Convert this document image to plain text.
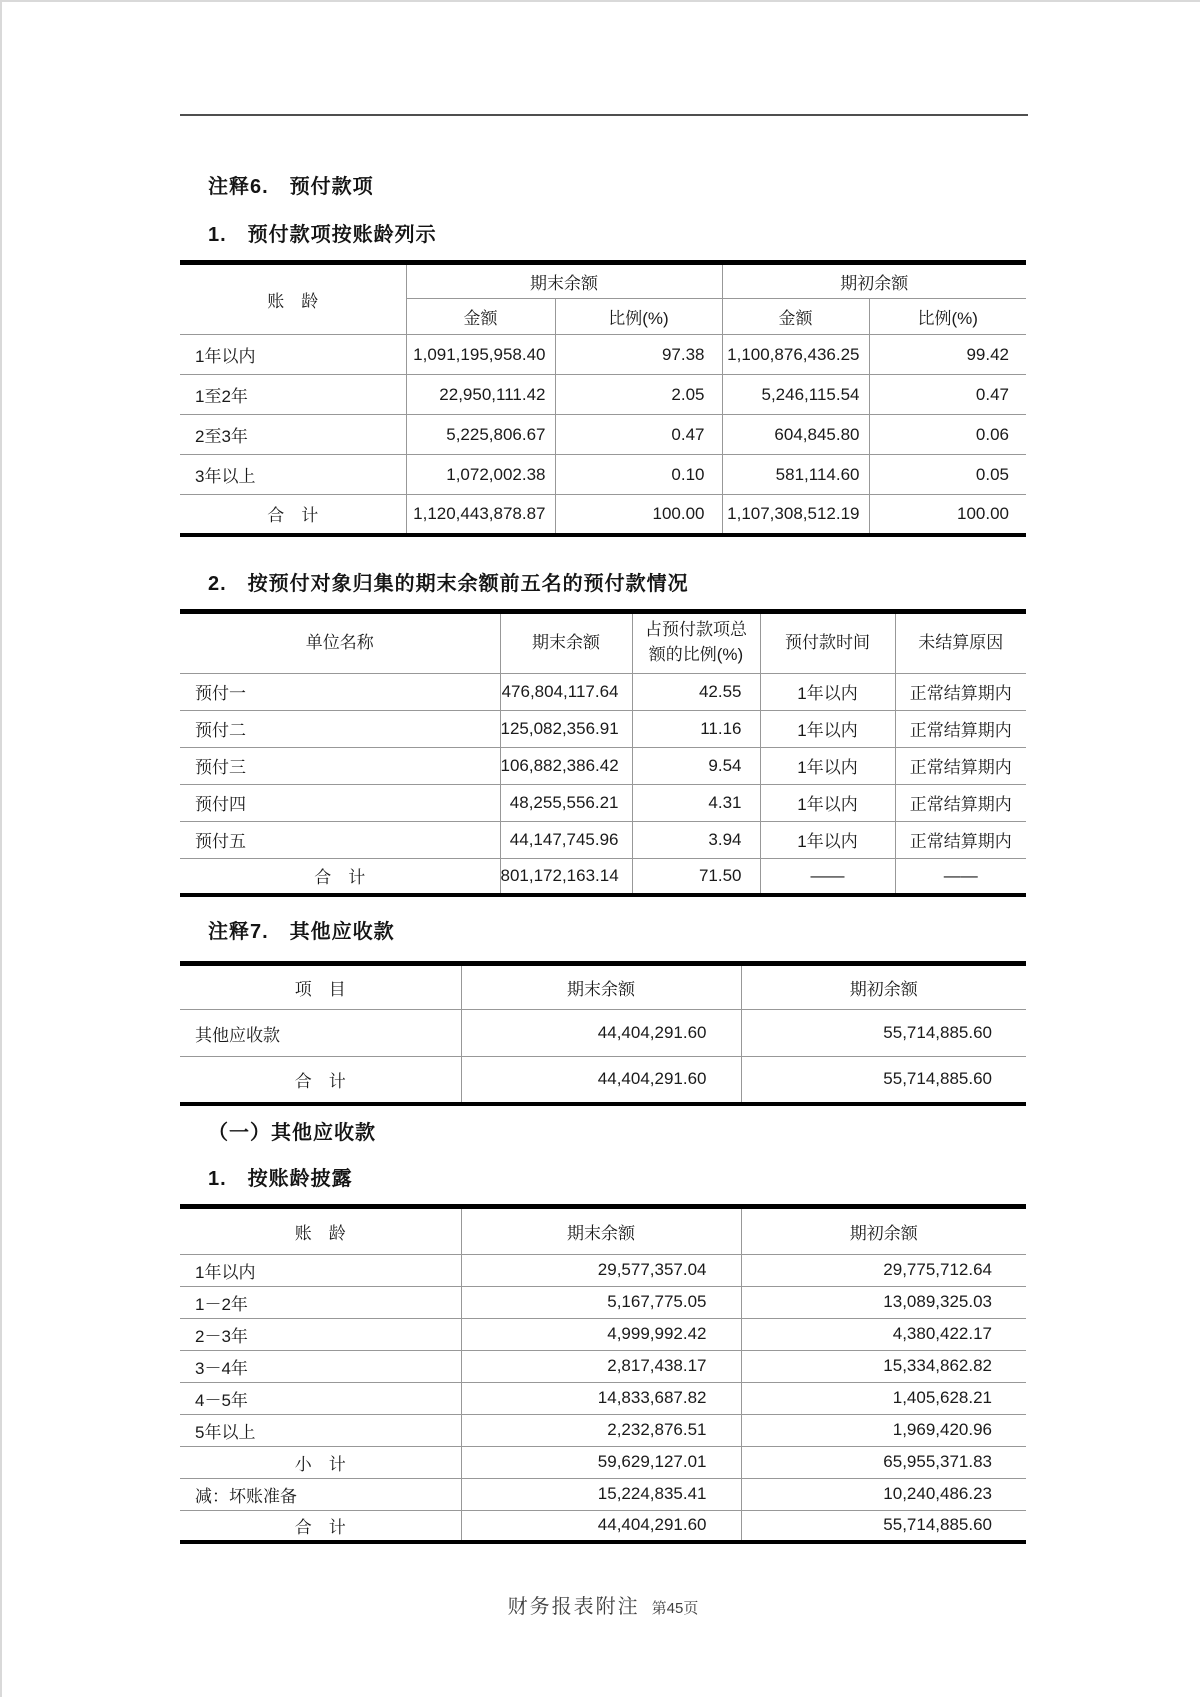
注释6.　预付款项
1.　预付款项按账龄列示
账　龄	期末余额		期初余额	
	金额	比例(%)	金额	比例(%)
1年以内	1,091,195,958.40	97.38	1,100,876,436.25	99.42
1至2年	22,950,111.42	2.05	5,246,115.54	0.47
2至3年	5,225,806.67	0.47	604,845.80	0.06
3年以上	1,072,002.38	0.10	581,114.60	0.05
合　计	1,120,443,878.87	100.00	1,107,308,512.19	100.00
2.　按预付对象归集的期末余额前五名的预付款情况
单位名称	期末余额	占预付款项总额的比例(%)	预付款时间	未结算原因
预付一	476,804,117.64	42.55	1年以内	正常结算期内
预付二	125,082,356.91	11.16	1年以内	正常结算期内
预付三	106,882,386.42	9.54	1年以内	正常结算期内
预付四	48,255,556.21	4.31	1年以内	正常结算期内
预付五	44,147,745.96	3.94	1年以内	正常结算期内
合　计	801,172,163.14	71.50	——	——
注释7.　其他应收款
项　目	期末余额	期初余额
其他应收款	44,404,291.60	55,714,885.60
合　计	44,404,291.60	55,714,885.60
（一）其他应收款
1.　按账龄披露
账　龄	期末余额	期初余额
1年以内	29,577,357.04	29,775,712.64
1－2年	5,167,775.05	13,089,325.03
2－3年	4,999,992.42	4,380,422.17
3－4年	2,817,438.17	15,334,862.82
4－5年	14,833,687.82	1,405,628.21
5年以上	2,232,876.51	1,969,420.96
小　计	59,629,127.01	65,955,371.83
减：坏账准备	15,224,835.41	10,240,486.23
合　计	44,404,291.60	55,714,885.60
财务报表附注 第45页
